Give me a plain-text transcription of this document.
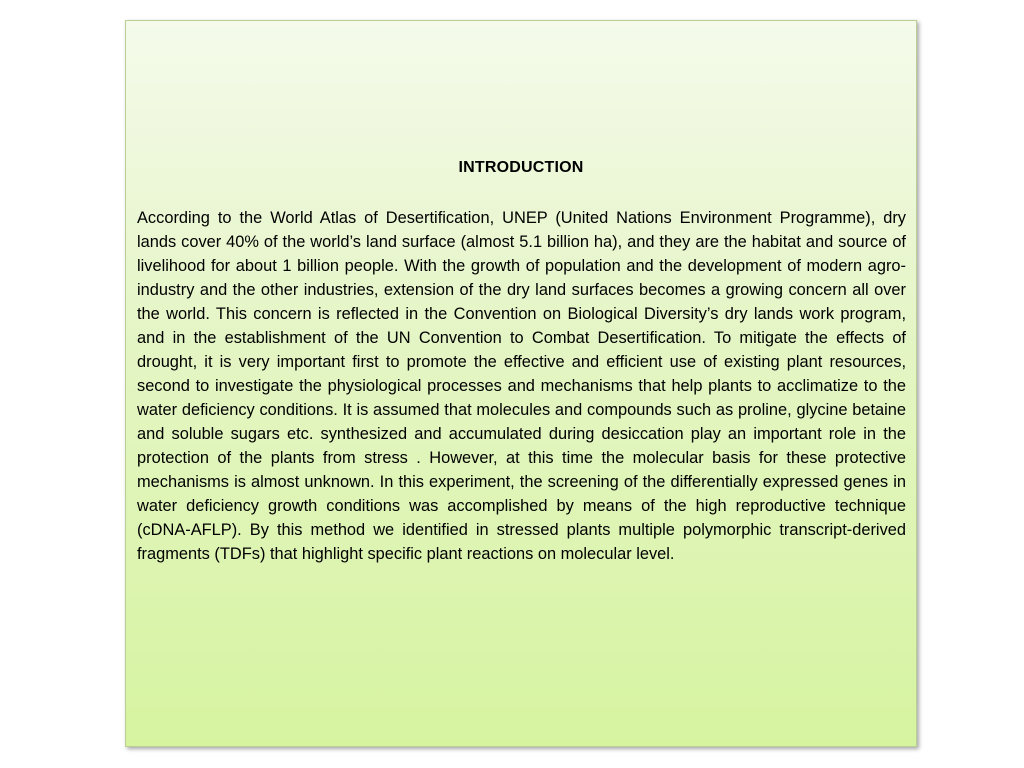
INTRODUCTION

According to the World Atlas of Desertification, UNEP (United Nations Environment Programme), dry lands cover 40% of the world’s land surface (almost 5.1 billion ha), and they are the habitat and source of livelihood for about 1 billion people. With the growth of population and the development of modern agro-industry and the other industries, extension of the dry land surfaces becomes a growing concern all over the world. This concern is reflected in the Convention on Biological Diversity’s dry lands work program, and in the establishment of the UN Convention to Combat Desertification. To mitigate the effects of drought, it is very important first to promote the effective and efficient use of existing plant resources, second to investigate the physiological processes and mechanisms that help plants to acclimatize to the water deficiency conditions. It is assumed that molecules and compounds such as proline, glycine betaine and soluble sugars etc. synthesized and accumulated during desiccation play an important role in the protection of the plants from stress . However, at this time the molecular basis for these protective mechanisms is almost unknown. In this experiment, the screening of the differentially expressed genes in water deficiency growth conditions was accomplished by means of the high reproductive technique (cDNA-AFLP). By this method we identified in stressed plants multiple polymorphic transcript-derived fragments (TDFs) that highlight specific plant reactions on molecular level.
